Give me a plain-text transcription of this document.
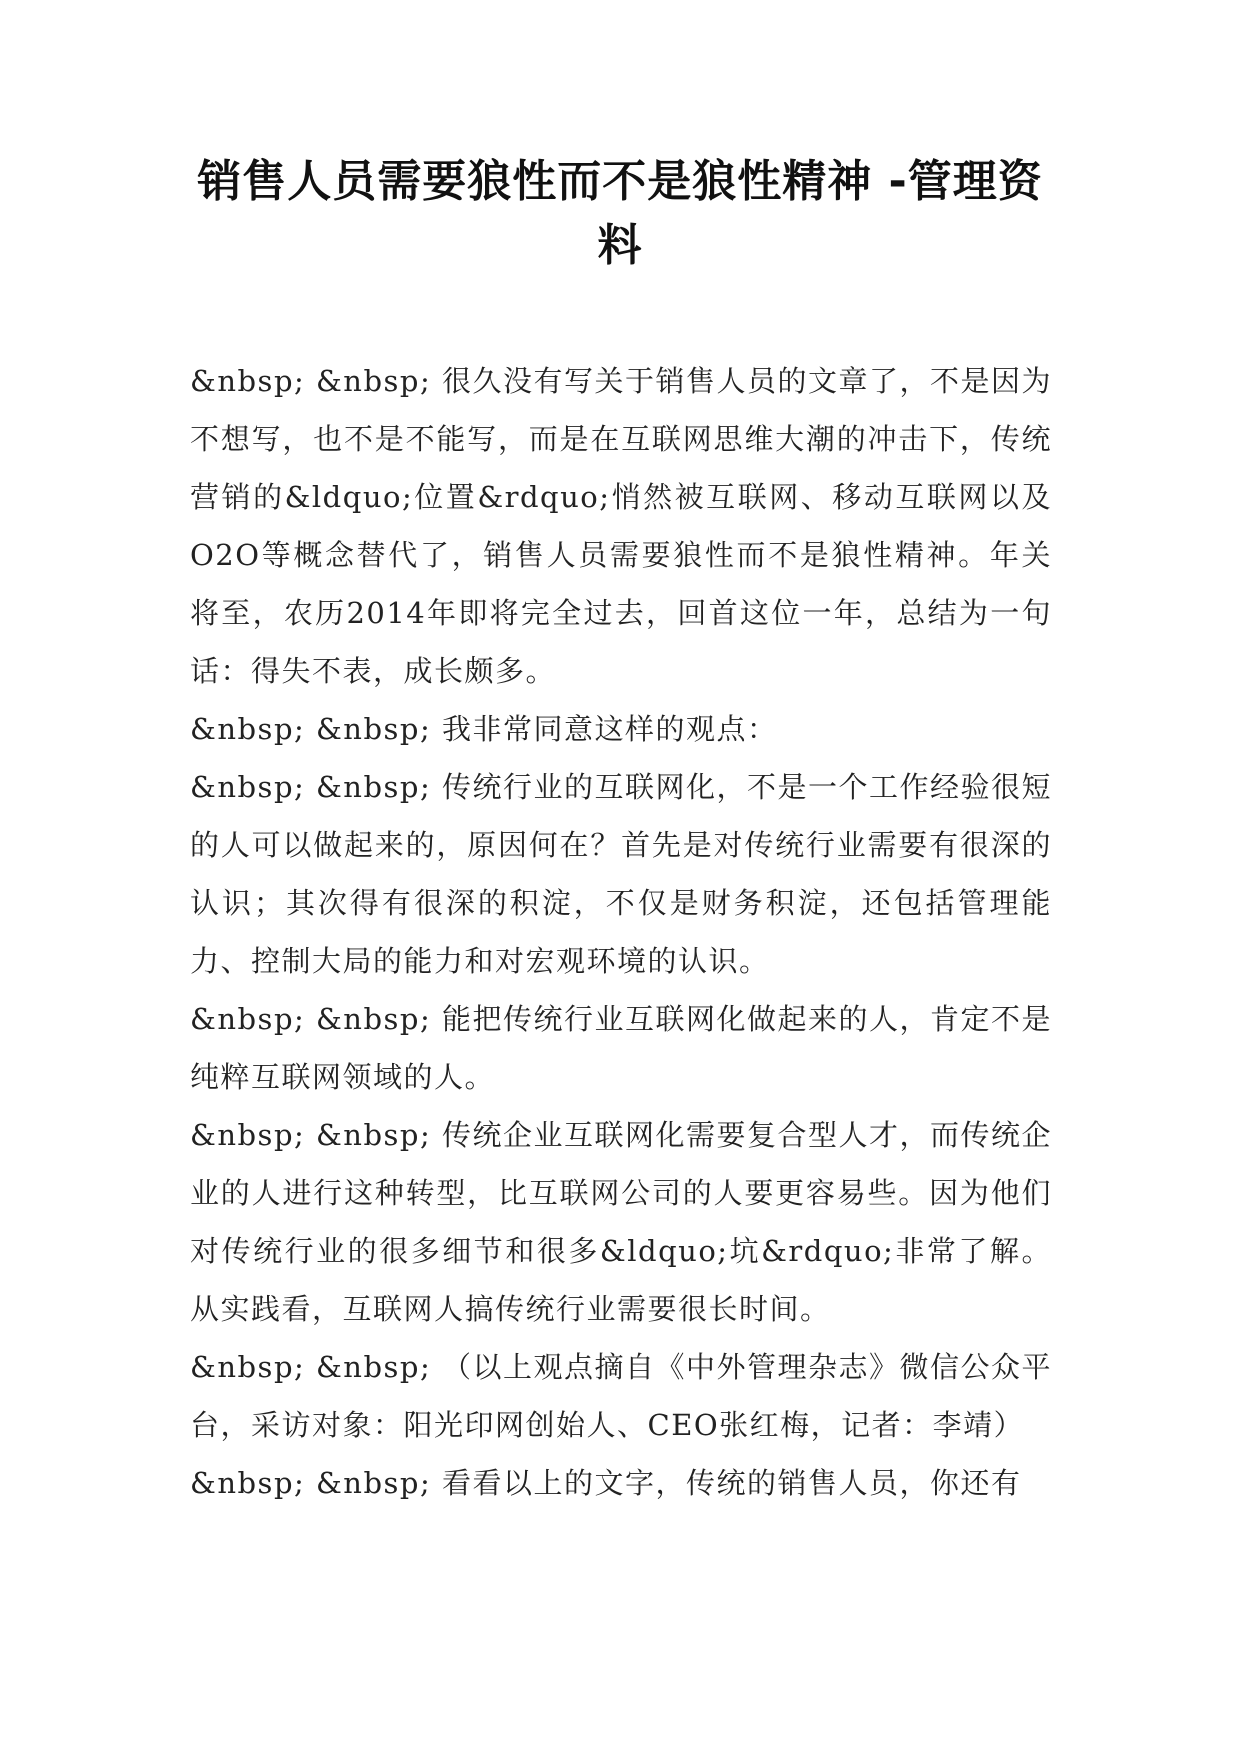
销售人员需要狼性而不是狼性精神 -管理资料

&nbsp; &nbsp; 很久没有写关于销售人员的文章了，不是因为不想写，也不是不能写，而是在互联网思维大潮的冲击下，传统营销的&ldquo;位置&rdquo;悄然被互联网、移动互联网以及O2O等概念替代了，销售人员需要狼性而不是狼性精神。年关将至，农历2014年即将完全过去，回首这位一年，总结为一句话：得失不表，成长颇多。

&nbsp; &nbsp; 我非常同意这样的观点：

&nbsp; &nbsp; 传统行业的互联网化，不是一个工作经验很短的人可以做起来的，原因何在？首先是对传统行业需要有很深的认识；其次得有很深的积淀，不仅是财务积淀，还包括管理能力、控制大局的能力和对宏观环境的认识。

&nbsp; &nbsp; 能把传统行业互联网化做起来的人，肯定不是纯粹互联网领域的人。

&nbsp; &nbsp; 传统企业互联网化需要复合型人才，而传统企业的人进行这种转型，比互联网公司的人要更容易些。因为他们对传统行业的很多细节和很多&ldquo;坑&rdquo;非常了解。从实践看，互联网人搞传统行业需要很长时间。

&nbsp; &nbsp; （以上观点摘自《中外管理杂志》微信公众平台，采访对象：阳光印网创始人、CEO张红梅，记者：李靖）

&nbsp; &nbsp; 看看以上的文字，传统的销售人员，你还有
